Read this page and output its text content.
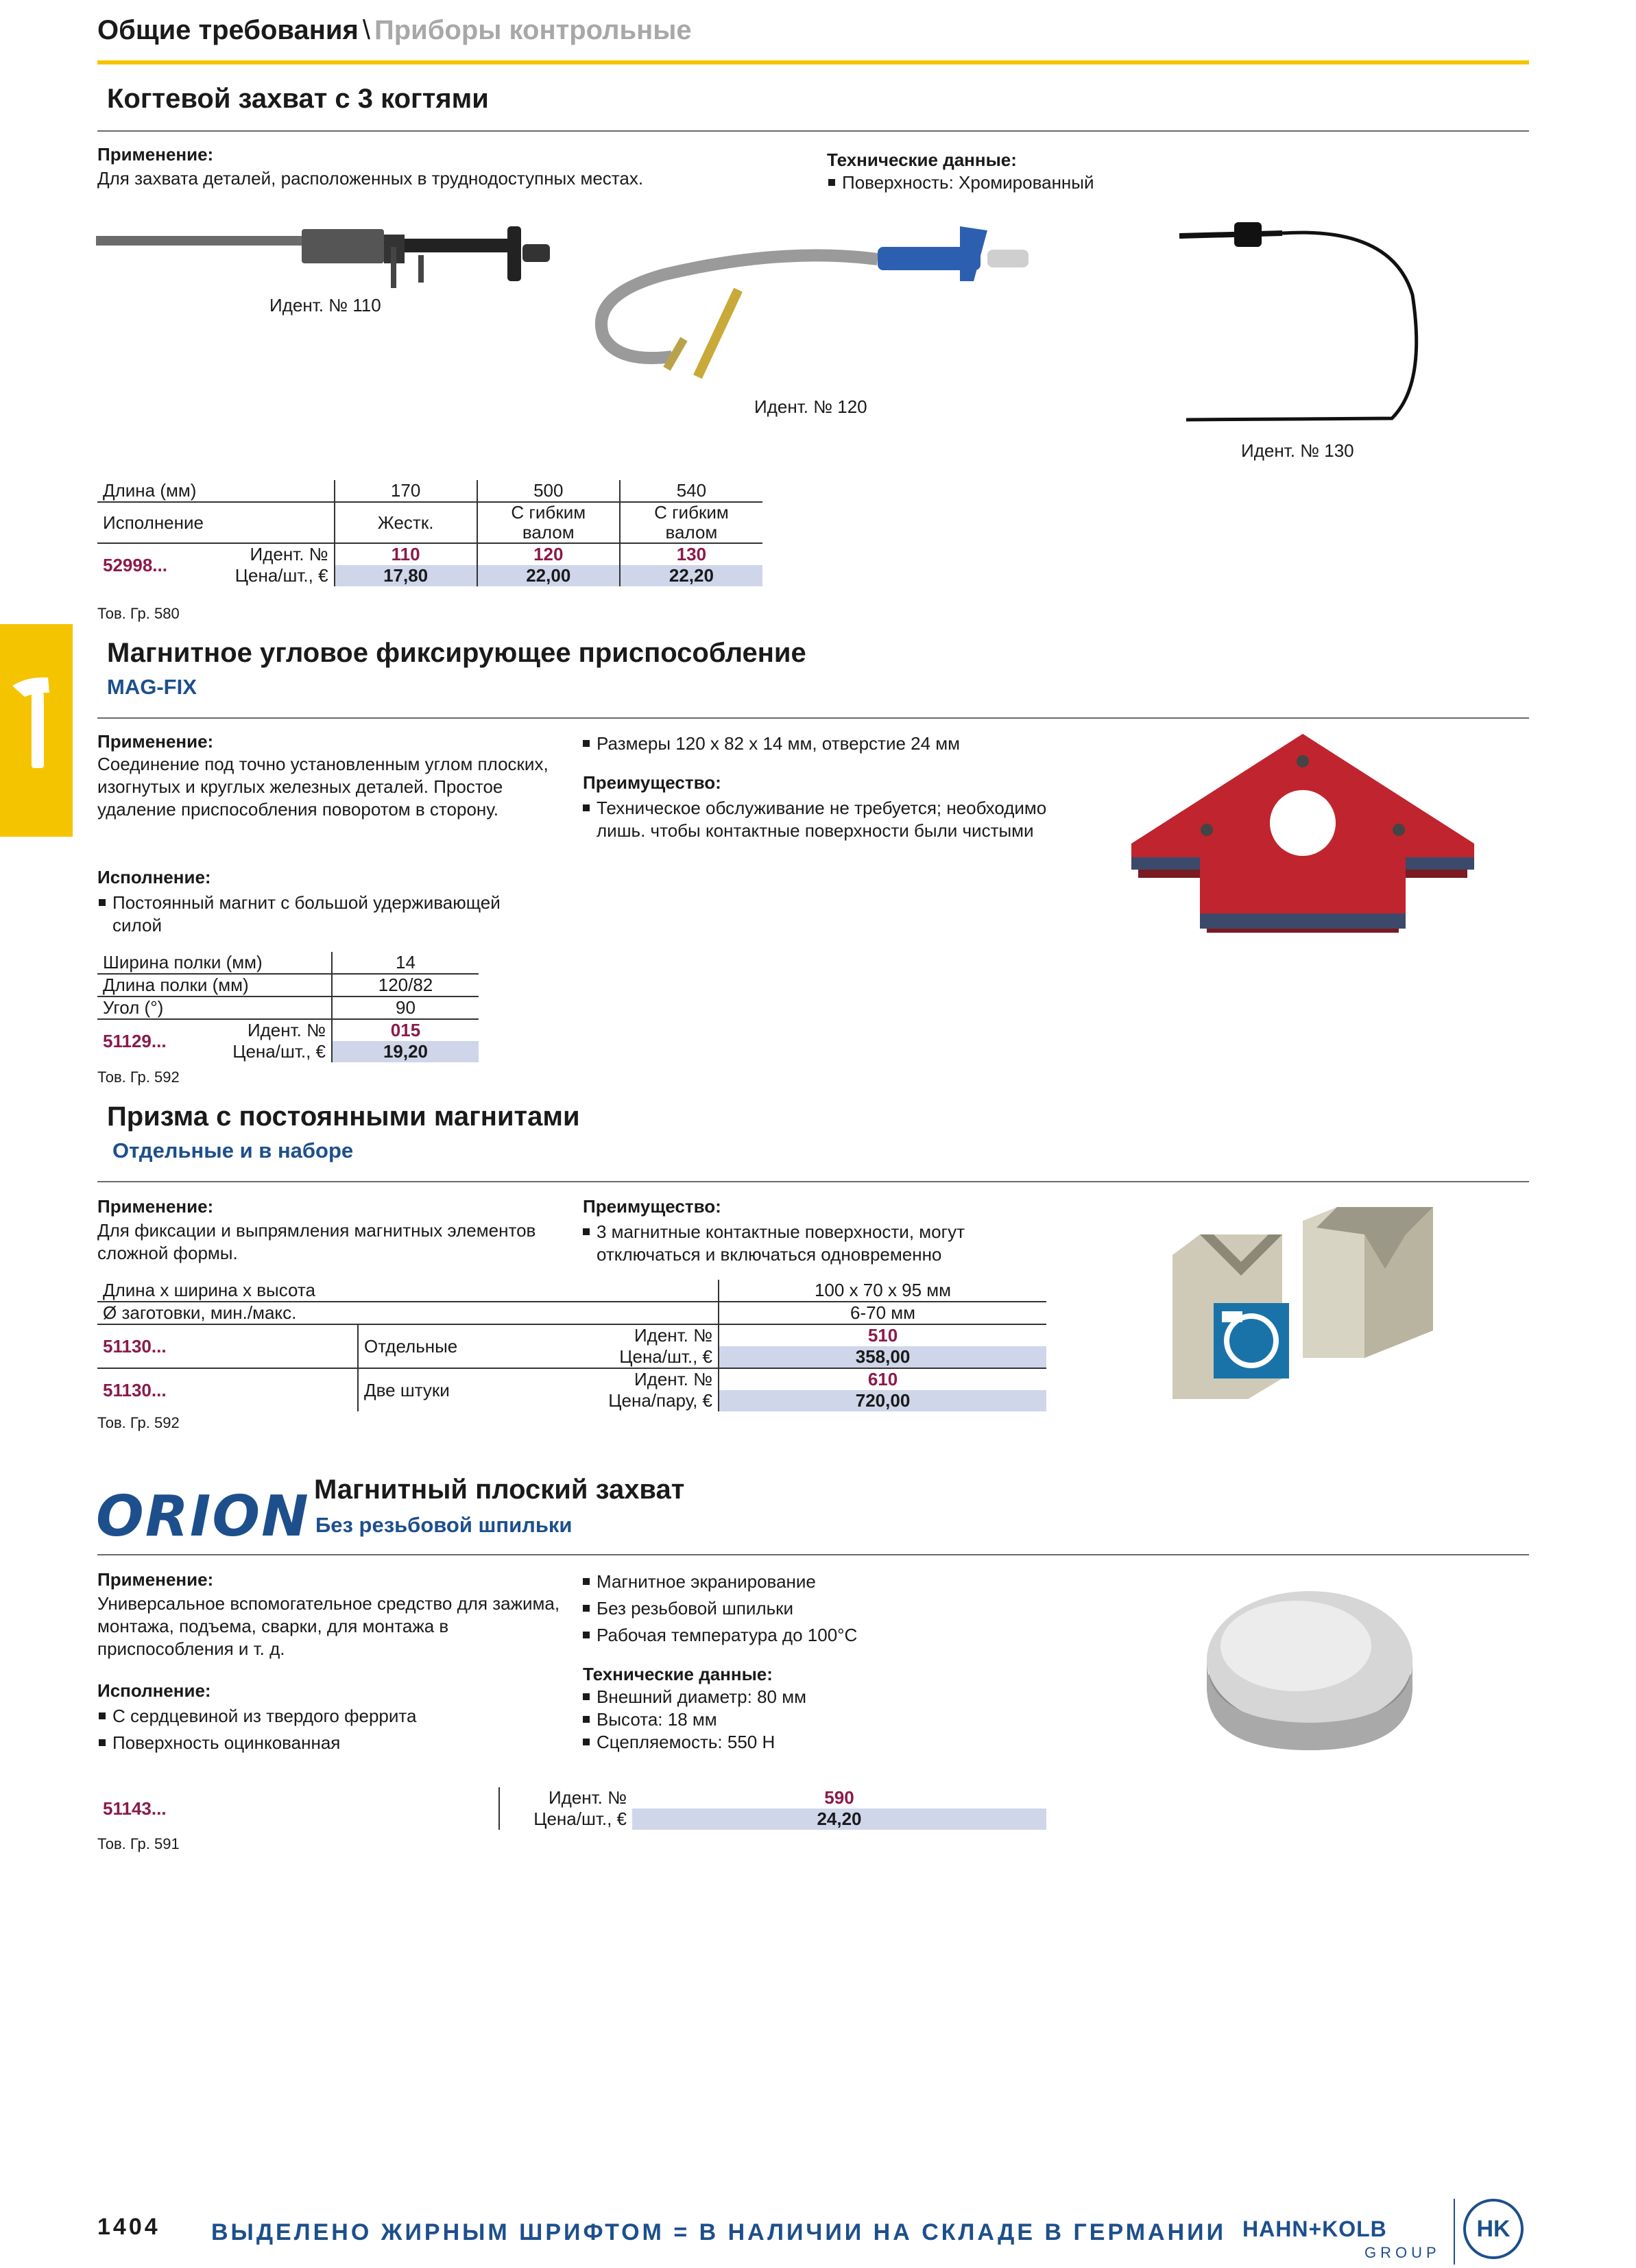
Общие требования \ Приборы контрольные
Когтевой захват с 3 когтями
Применение:
Для захвата деталей, расположенных в труднодоступных местах.
Технические данные:
Поверхность: Хромированный
Идент. № 110
Идент. № 120
Идент. № 130
Длина (мм)		170	500	540
Исполнение		Жестк.	С гибким валом	С гибким валом
52998...	Идент. №	110	120	130
	Цена/шт., €	17,80	22,00	22,20
Тов. Гр. 580
Магнитное угловое фиксирующее приспособление
MAG-FIX
Применение:
Соединение под точно установленным углом плоских, изогнутых и круглых железных деталей. Простое удаление приспособления поворотом в сторону.
Исполнение:
Постоянный магнит с большой удерживающей силой
Размеры 120 x 82 x 14 мм, отверстие 24 мм
Преимущество:
Техническое обслуживание не требуется; необходимо лишь. чтобы контактные поверхности были чистыми
Ширина полки (мм)		14
Длина полки (мм)		120/82
Угол (°)		90
51129...	Идент. №	015
	Цена/шт., €	19,20
Тов. Гр. 592
Призма с постоянными магнитами
Отдельные и в наборе
Применение:
Для фиксации и выпрямления магнитных элементов сложной формы.
Преимущество:
3 магнитные контактные поверхности, могут отключаться и включаться одновременно
Длина x ширина x высота			100 x 70 x 95 мм
Ø заготовки, мин./макс.			6-70 мм
51130...	Отдельные	Идент. №	510
		Цена/шт., €	358,00
51130...	Две штуки	Идент. №	610
		Цена/пару, €	720,00
Тов. Гр. 592
ORION Магнитный плоский захват
Без резьбовой шпильки
Применение:
Универсальное вспомогательное средство для зажима, монтажа, подъема, сварки, для монтажа в приспособления и т. д.
Исполнение:
С сердцевиной из твердого феррита
Поверхность оцинкованная
Магнитное экранирование
Без резьбовой шпильки
Рабочая температура до 100°C
Технические данные:
Внешний диаметр: 80 мм
Высота: 18 мм
Сцепляемость: 550 Н
51143...	Идент. №	590
	Цена/шт., €	24,20
Тов. Гр. 591
1404 ВЫДЕЛЕНО ЖИРНЫМ ШРИФТОМ = В НАЛИЧИИ НА СКЛАДЕ В ГЕРМАНИИ HAHN+KOLB
GROUP
HK
